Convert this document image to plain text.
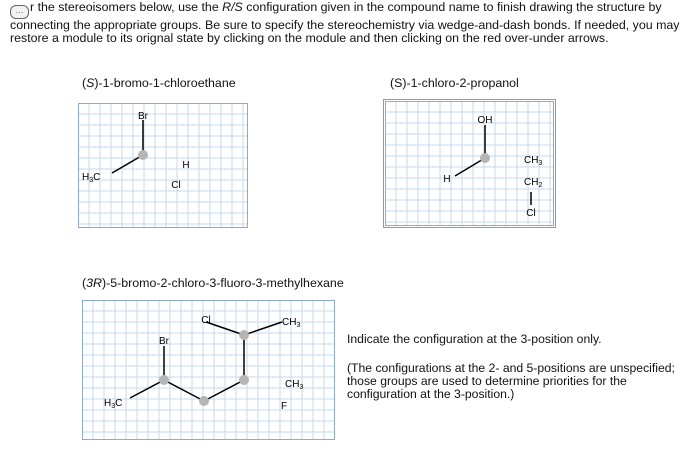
… r the stereoisomers below, use the R/S configuration given in the compound name to finish drawing the structure by connecting the appropriate groups. Be sure to specify the stereochemistry via wedge-and-dash bonds. If needed, you may restore a module to its orignal state by clicking on the module and then clicking on the red over-under arrows.

(S)-1-bromo-1-chloroethane
Br
$H_3C$
H
Cl
(S)-1-chloro-2-propanol
OH
H
$CH_3$
$CH_2$
Cl
(3R)-5-bromo-2-chloro-3-fluoro-3-methylhexane
Cl	$CH_3$
Br
$CH_3$
F
$H_3C$

Indicate the configuration at the 3-position only.

(The configurations at the 2- and 5-positions are unspecified; those groups are used to determine priorities for the configuration at the 3-position.)
